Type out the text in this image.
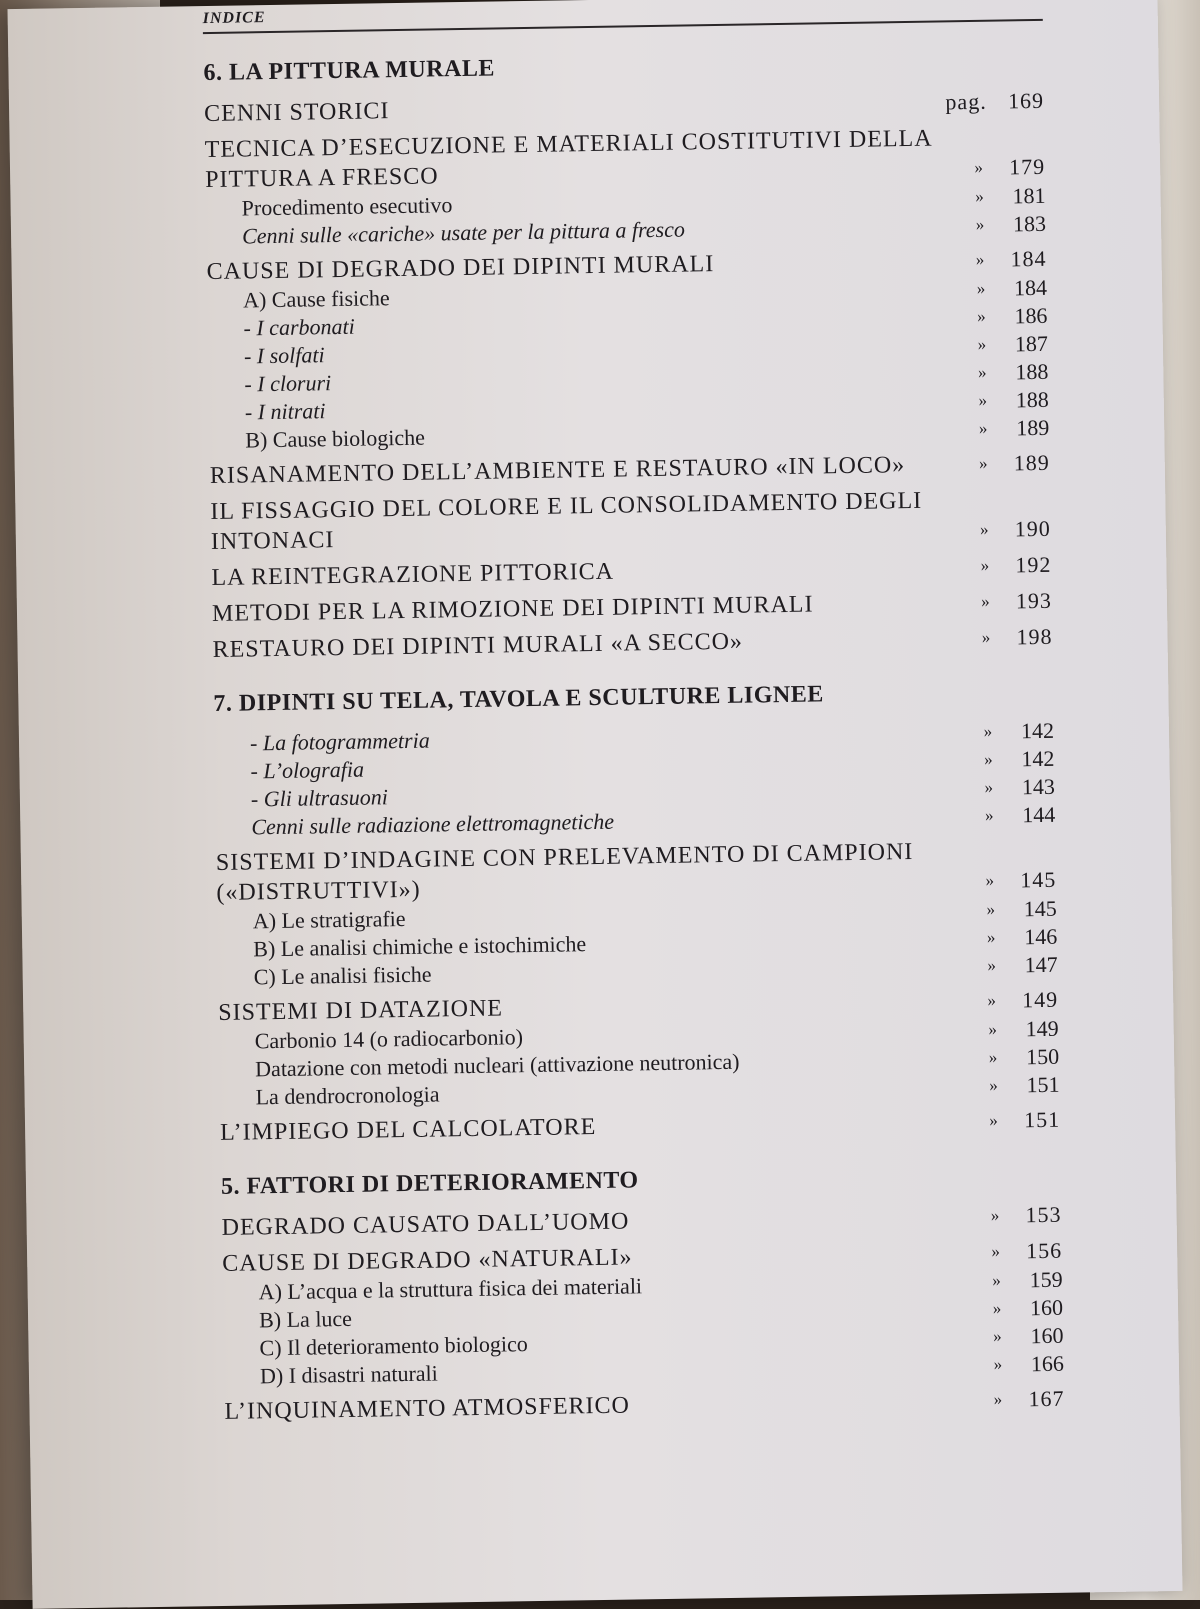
INDICE
6. LA PITTURA MURALE
CENNI STORICI	pag. 169
TECNICA D’ESECUZIONE E MATERIALI COSTITUTIVI DELLA PITTURA A FRESCO	»	179
Procedimento esecutivo	»	181
Cenni sulle «cariche» usate per la pittura a fresco	»	183
CAUSE DI DEGRADO DEI DIPINTI MURALI	»	184
A) Cause fisiche	»	184
- I carbonati	»	186
- I solfati	»	187
- I cloruri	»	188
- I nitrati	»	188
B) Cause biologiche	»	189
RISANAMENTO DELL’AMBIENTE E RESTAURO «IN LOCO»	»	189
IL FISSAGGIO DEL COLORE E IL CONSOLIDAMENTO DEGLI INTONACI	»	190
LA REINTEGRAZIONE PITTORICA	»	192
METODI PER LA RIMOZIONE DEI DIPINTI MURALI	»	193
RESTAURO DEI DIPINTI MURALI «A SECCO»	»	198
7. DIPINTI SU TELA, TAVOLA E SCULTURE LIGNEE
- La fotogrammetria	»	142
- L’olografia	»	142
- Gli ultrasuoni	»	143
Cenni sulle radiazione elettromagnetiche	»	144
SISTEMI D’INDAGINE CON PRELEVAMENTO DI CAMPIONI («DISTRUTTIVI»)	»	145
A) Le stratigrafie	»	145
B) Le analisi chimiche e istochimiche	»	146
C) Le analisi fisiche	»	147
SISTEMI DI DATAZIONE	»	149
Carbonio 14 (o radiocarbonio)	»	149
Datazione con metodi nucleari (attivazione neutronica)	»	150
La dendrocronologia	»	151
L’IMPIEGO DEL CALCOLATORE	»	151
5. FATTORI DI DETERIORAMENTO
DEGRADO CAUSATO DALL’UOMO	»	153
CAUSE DI DEGRADO «NATURALI»	»	156
A) L’acqua e la struttura fisica dei materiali	»	159
B) La luce	»	160
C) Il deterioramento biologico	»	160
D) I disastri naturali	»	166
L’INQUINAMENTO ATMOSFERICO	»	167
